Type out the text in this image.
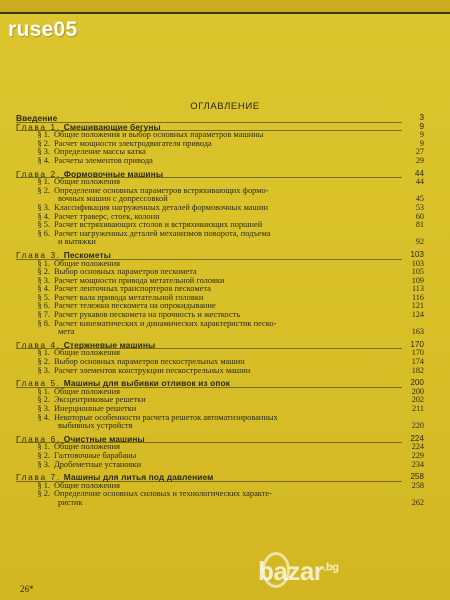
ruse05
ОГЛАВЛЕНИЕ
Введение	3
Глава 1. Смешивающие бегуны	9
§ 1. Общие положения и выбор основных параметров машины	9
§ 2. Расчет мощности электродвигателя привода	9
§ 3. Определение массы катка	27
§ 4. Расчеты элементов привода	29
Глава 2. Формовочные машины	44
§ 1. Общие положения	44
§ 2. Определение основных параметров встряхивающих формо-
вочных машин с допрессовкой	45
§ 3. Классификация нагруженных деталей формовочных машин	53
§ 4. Расчет траверс, стоек, колонн	60
§ 5. Расчет встряхивающих столов и встряхивающих поршней	81
§ 6. Расчет нагруженных деталей механизмов поворота, подъема
и вытяжки	92
Глава 3. Пескометы	103
§ 1. Общие положения	103
§ 2. Выбор основных параметров пескомета	105
§ 3. Расчет мощности привода метательной головки	109
§ 4. Расчет ленточных транспортеров пескомета	113
§ 5. Расчет вала привода метательной головки	116
§ 6. Расчет тележки пескомета на опрокидывание	121
§ 7. Расчет рукавов пескомета на прочность и жесткость	124
§ 8. Расчет кинематических и динамических характеристик песко-
мета	163
Глава 4. Стержневые машины	170
§ 1. Общие положения	170
§ 2. Выбор основных параметров пескострельных машин	174
§ 3. Расчет элементов конструкции пескострельных машин	182
Глава 5. Машины для выбивки отливок из опок	200
§ 1. Общие положения	200
§ 2. Эксцентриковые решетки	202
§ 3. Инерционные решетки	211
§ 4. Некоторые особенности расчета решеток автоматизированных
выбивных устройств	220
Глава 6. Очистные машины	224
§ 1. Общие положения	224
§ 2. Галтовочные барабаны	229
§ 3. Дробеметные установки	234
Глава 7. Машины для литья под давлением	258
§ 1. Общие положения	258
§ 2. Определение основных силовых и технологических характе-
ристик	262
26*
bazar$^{.bg}$
